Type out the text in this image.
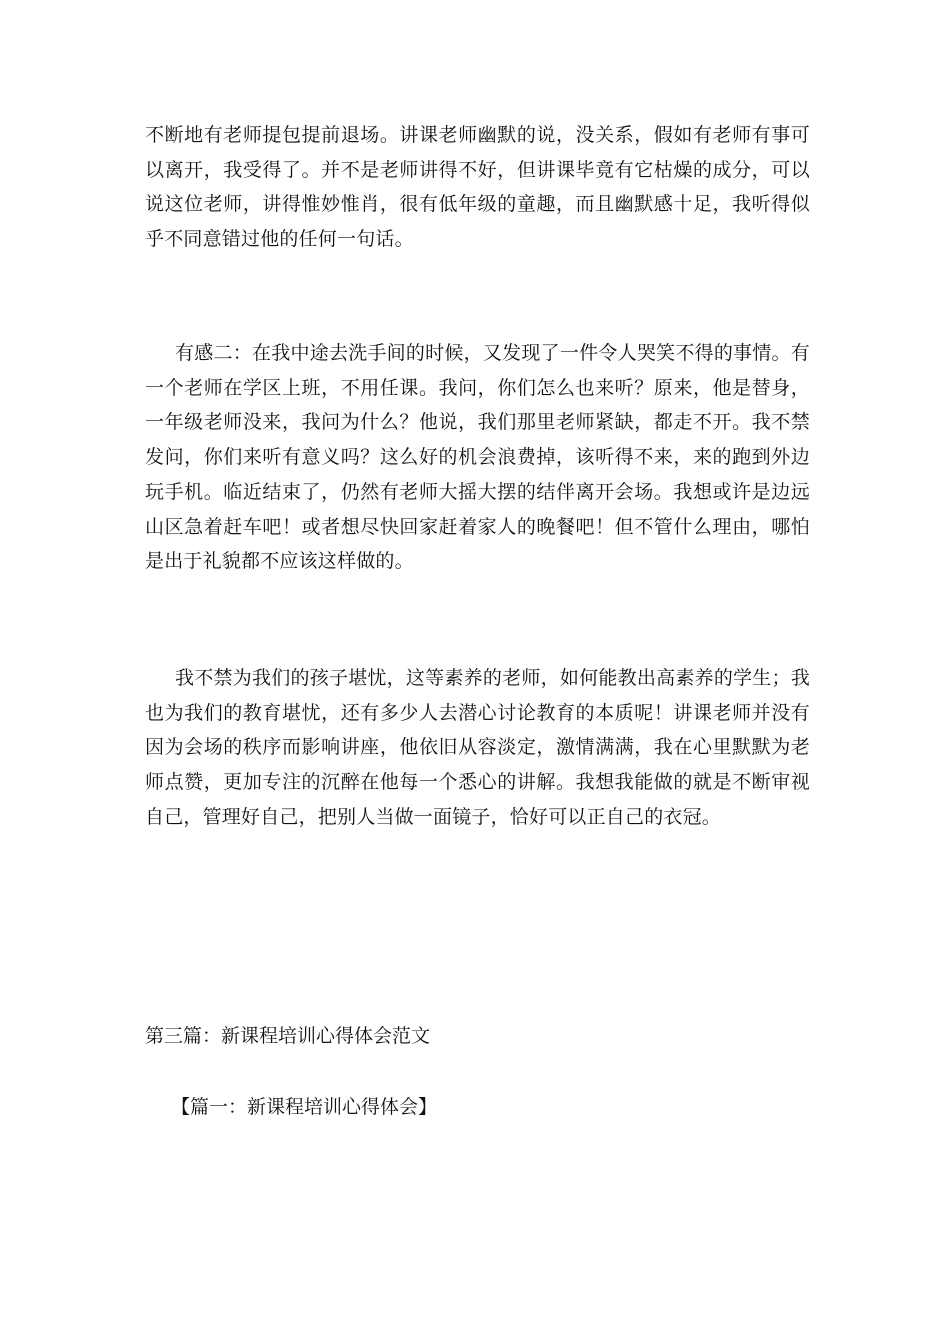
不断地有老师提包提前退场。讲课老师幽默的说，没关系，假如有老师有事可以离开，我受得了。并不是老师讲得不好，但讲课毕竟有它枯燥的成分，可以说这位老师，讲得惟妙惟肖，很有低年级的童趣，而且幽默感十足，我听得似乎不同意错过他的任何一句话。

有感二：在我中途去洗手间的时候，又发现了一件令人哭笑不得的事情。有一个老师在学区上班，不用任课。我问，你们怎么也来听？原来，他是替身，一年级老师没来，我问为什么？他说，我们那里老师紧缺，都走不开。我不禁发问，你们来听有意义吗？这么好的机会浪费掉，该听得不来，来的跑到外边玩手机。临近结束了，仍然有老师大摇大摆的结伴离开会场。我想或许是边远山区急着赶车吧！或者想尽快回家赶着家人的晚餐吧！但不管什么理由，哪怕是出于礼貌都不应该这样做的。

我不禁为我们的孩子堪忧，这等素养的老师，如何能教出高素养的学生；我也为我们的教育堪忧，还有多少人去潜心讨论教育的本质呢！讲课老师并没有因为会场的秩序而影响讲座，他依旧从容淡定，激情满满，我在心里默默为老师点赞，更加专注的沉醉在他每一个悉心的讲解。我想我能做的就是不断审视自己，管理好自己，把别人当做一面镜子，恰好可以正自己的衣冠。

第三篇：新课程培训心得体会范文

【篇一：新课程培训心得体会】
